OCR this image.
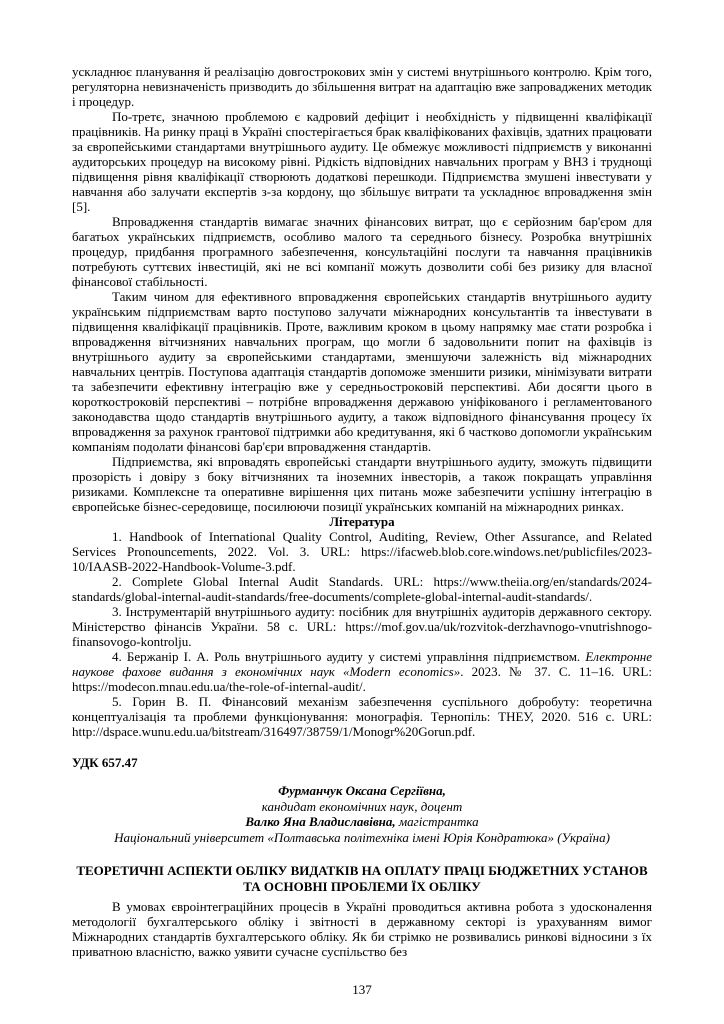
ускладнює планування й реалізацію довгострокових змін у системі внутрішнього контролю. Крім того, регуляторна невизначеність призводить до збільшення витрат на адаптацію вже запроваджених методик і процедур.

По-третє, значною проблемою є кадровий дефіцит і необхідність у підвищенні кваліфікації працівників. На ринку праці в Україні спостерігається брак кваліфікованих фахівців, здатних працювати за європейськими стандартами внутрішнього аудиту. Це обмежує можливості підприємств у виконанні аудиторських процедур на високому рівні. Рідкість відповідних навчальних програм у ВНЗ і труднощі підвищення рівня кваліфікації створюють додаткові перешкоди. Підприємства змушені інвестувати у навчання або залучати експертів з-за кордону, що збільшує витрати та ускладнює впровадження змін [5].

Впровадження стандартів вимагає значних фінансових витрат, що є серйозним бар'єром для багатьох українських підприємств, особливо малого та середнього бізнесу. Розробка внутрішніх процедур, придбання програмного забезпечення, консультаційні послуги та навчання працівників потребують суттєвих інвестицій, які не всі компанії можуть дозволити собі без ризику для власної фінансової стабільності.

Таким чином для ефективного впровадження європейських стандартів внутрішнього аудиту українським підприємствам варто поступово залучати міжнародних консультантів та інвестувати в підвищення кваліфікації працівників. Проте, важливим кроком в цьому напрямку має стати розробка і впровадження вітчизняних навчальних програм, що могли б задовольнити попит на фахівців із внутрішнього аудиту за європейськими стандартами, зменшуючи залежність від міжнародних навчальних центрів. Поступова адаптація стандартів допоможе зменшити ризики, мінімізувати витрати та забезпечити ефективну інтеграцію вже у середньостроковій перспективі. Аби досягти цього в короткостроковій перспективі – потрібне впровадження державою уніфікованого і регламентованого законодавства щодо стандартів внутрішнього аудиту, а також відповідного фінансування процесу їх впровадження за рахунок грантової підтримки або кредитування, які б частково допомогли українським компаніям подолати фінансові бар'єри впровадження стандартів.

Підприємства, які впровадять європейські стандарти внутрішнього аудиту, зможуть підвищити прозорість і довіру з боку вітчизняних та іноземних інвесторів, а також покращать управління ризиками. Комплексне та оперативне вирішення цих питань може забезпечити успішну інтеграцію в європейське бізнес-середовище, посилюючи позиції українських компаній на міжнародних ринках.

Література

1. Handbook of International Quality Control, Auditing, Review, Other Assurance, and Related Services Pronouncements, 2022. Vol. 3. URL: https://ifacweb.blob.core.windows.net/publicfiles/2023-10/IAASB-2022-Handbook-Volume-3.pdf.

2. Complete Global Internal Audit Standards. URL: https://www.theiia.org/en/standards/2024-standards/global-internal-audit-standards/free-documents/complete-global-internal-audit-standards/.

3. Інструментарій внутрішнього аудиту: посібник для внутрішніх аудиторів державного сектору. Міністерство фінансів України. 58 с. URL: https://mof.gov.ua/uk/rozvitok-derzhavnogo-vnutrishnogo-finansovogo-kontrolju.

4. Бержанір І. А. Роль внутрішнього аудиту у системі управління підприємством. Електронне наукове фахове видання з економічних наук «Modern economics». 2023. № 37. С. 11–16. URL: https://modecon.mnau.edu.ua/the-role-of-internal-audit/.

5. Горин В. П. Фінансовий механізм забезпечення суспільного добробуту: теоретична концептуалізація та проблеми функціонування: монографія. Тернопіль: ТНЕУ, 2020. 516 с. URL: http://dspace.wunu.edu.ua/bitstream/316497/38759/1/Monogr%20Gorun.pdf.

УДК 657.47

Фурманчук Оксана Сергіївна,
кандидат економічних наук, доцент
Валко Яна Владиславівна, магістрантка
Національний університет «Полтавська політехніка імені Юрія Кондратюка» (Україна)
ТЕОРЕТИЧНІ АСПЕКТИ ОБЛІКУ ВИДАТКІВ НА ОПЛАТУ ПРАЦІ БЮДЖЕТНИХ УСТАНОВ ТА ОСНОВНІ ПРОБЛЕМИ ЇХ ОБЛІКУ

В умовах євроінтеграційних процесів в Україні проводиться активна робота з удосконалення методології бухгалтерського обліку і звітності в державному секторі із урахуванням вимог Міжнародних стандартів бухгалтерського обліку. Як би стрімко не розвивались ринкові відносини з їх приватною власністю, важко уявити сучасне суспільство без

137
